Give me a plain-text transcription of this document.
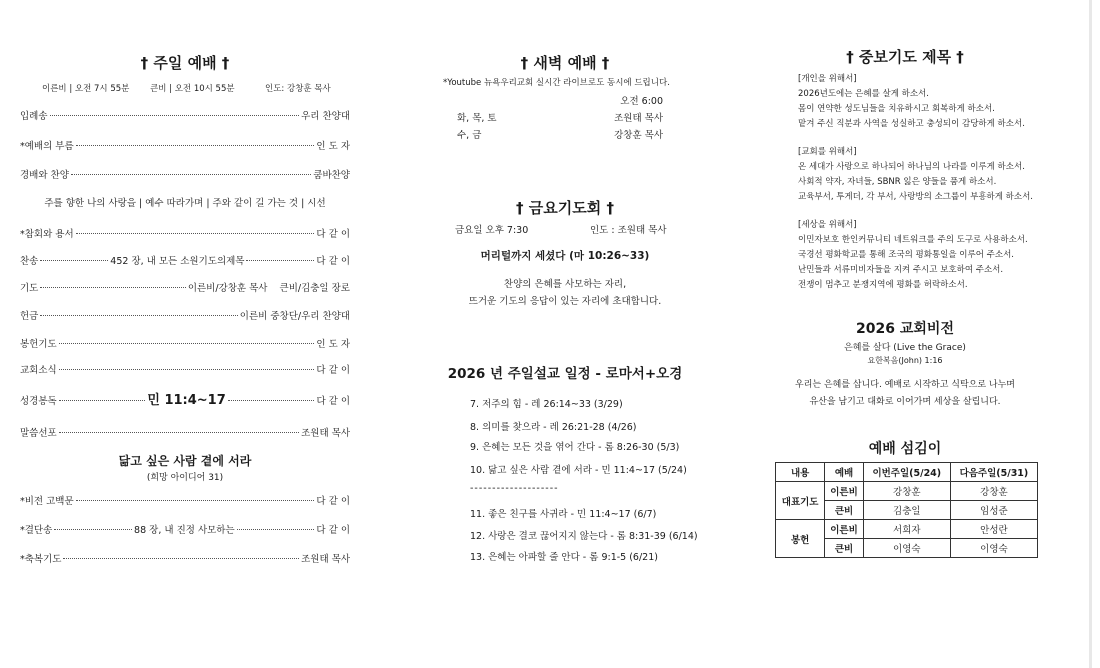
† 주일 예배 †
이른비 | 오전 7시 55분 큰비 | 오전 10시 55분	인도: 강창훈 목사
입례송	우리 찬양대
*예배의 부름	인 도 자
경배와 찬양	쿰바찬양
주를 향한 나의 사랑을 | 예수 따라가며 | 주와 같이 길 가는 것 | 시선
*참회와 용서	다 같 이
찬송	452 장, 내 모든 소원기도의제목	다 같 이
기도	이른비/강창훈 목사    큰비/김충일 장로
헌금	이른비 중창단/우리 찬양대
봉헌기도	인 도 자
교회소식	다 같 이
성경봉독	민 11:4~17	다 같 이
말씀선포	조원태 목사
닮고 싶은 사람 곁에 서라
(희망 아이디어 31)
*비전 고백문	다 같 이
*결단송	88 장, 내 진정 사모하는	다 같 이
*축복기도	조원태 목사
† 새벽 예배 †
*Youtube 뉴욕우리교회 실시간 라이브로도 동시에 드립니다.
오전 6:00
화, 목, 토	조원태 목사
수, 금	강창훈 목사
† 금요기도회 †
금요일 오후 7:30	인도 : 조원태 목사
머리털까지 세셨다 (마 10:26~33)
찬양의 은혜를 사모하는 자리,
뜨거운 기도의 응답이 있는 자리에 초대합니다.
2026 년 주일설교 일정 - 로마서+오경
7. 저주의 힘 - 레 26:14~33 (3/29)
8. 의미를 찾으라 - 레 26:21-28 (4/26)
9. 은혜는 모든 것을 엮어 간다 - 롬 8:26-30 (5/3)
10. 닮고 싶은 사람 곁에 서라 - 민 11:4~17 (5/24)
--------------------
11. 좋은 친구를 사귀라 - 민 11:4~17 (6/7)
12. 사랑은 결코 끊어지지 않는다 - 롬 8:31-39 (6/14)
13. 은혜는 아파할 줄 안다 - 롬 9:1-5 (6/21)
† 중보기도 제목 †
[개인을 위해서]
2026년도에는 은혜를 살게 하소서.
몸이 연약한 성도님들을 치유하시고 회복하게 하소서.
맡겨 주신 직분과 사역을 성실하고 충성되이 감당하게 하소서.
[교회를 위해서]
온 세대가 사랑으로 하나되어 하나님의 나라를 이루게 하소서.
사회적 약자, 자녀들, SBNR 잃은 양들을 품게 하소서.
교육부서, 투게더, 각 부서, 사랑방의 소그룹이 부흥하게 하소서.
[세상을 위해서]
이민자보호 한인커뮤니티 네트워크를 주의 도구로 사용하소서.
국경선 평화학교를 통해 조국의 평화통일을 이루어 주소서.
난민들과 서류미비자들을 지켜 주시고 보호하여 주소서.
전쟁이 멈추고 분쟁지역에 평화를 허락하소서.
2026 교회비전
은혜를 살다 (Live the Grace)
요한복음(John) 1:16
우리는 은혜를 삽니다. 예배로 시작하고 식탁으로 나누며
유산을 남기고 대화로 이어가며 세상을 살립니다.
예배 섬김이
내용	예배	이번주일(5/24)	다음주일(5/31)
대표기도	이른비	강창훈	강창훈
	큰비	김충일	임성준
봉헌	이른비	서희자	안성란
	큰비	이영숙	이영숙
